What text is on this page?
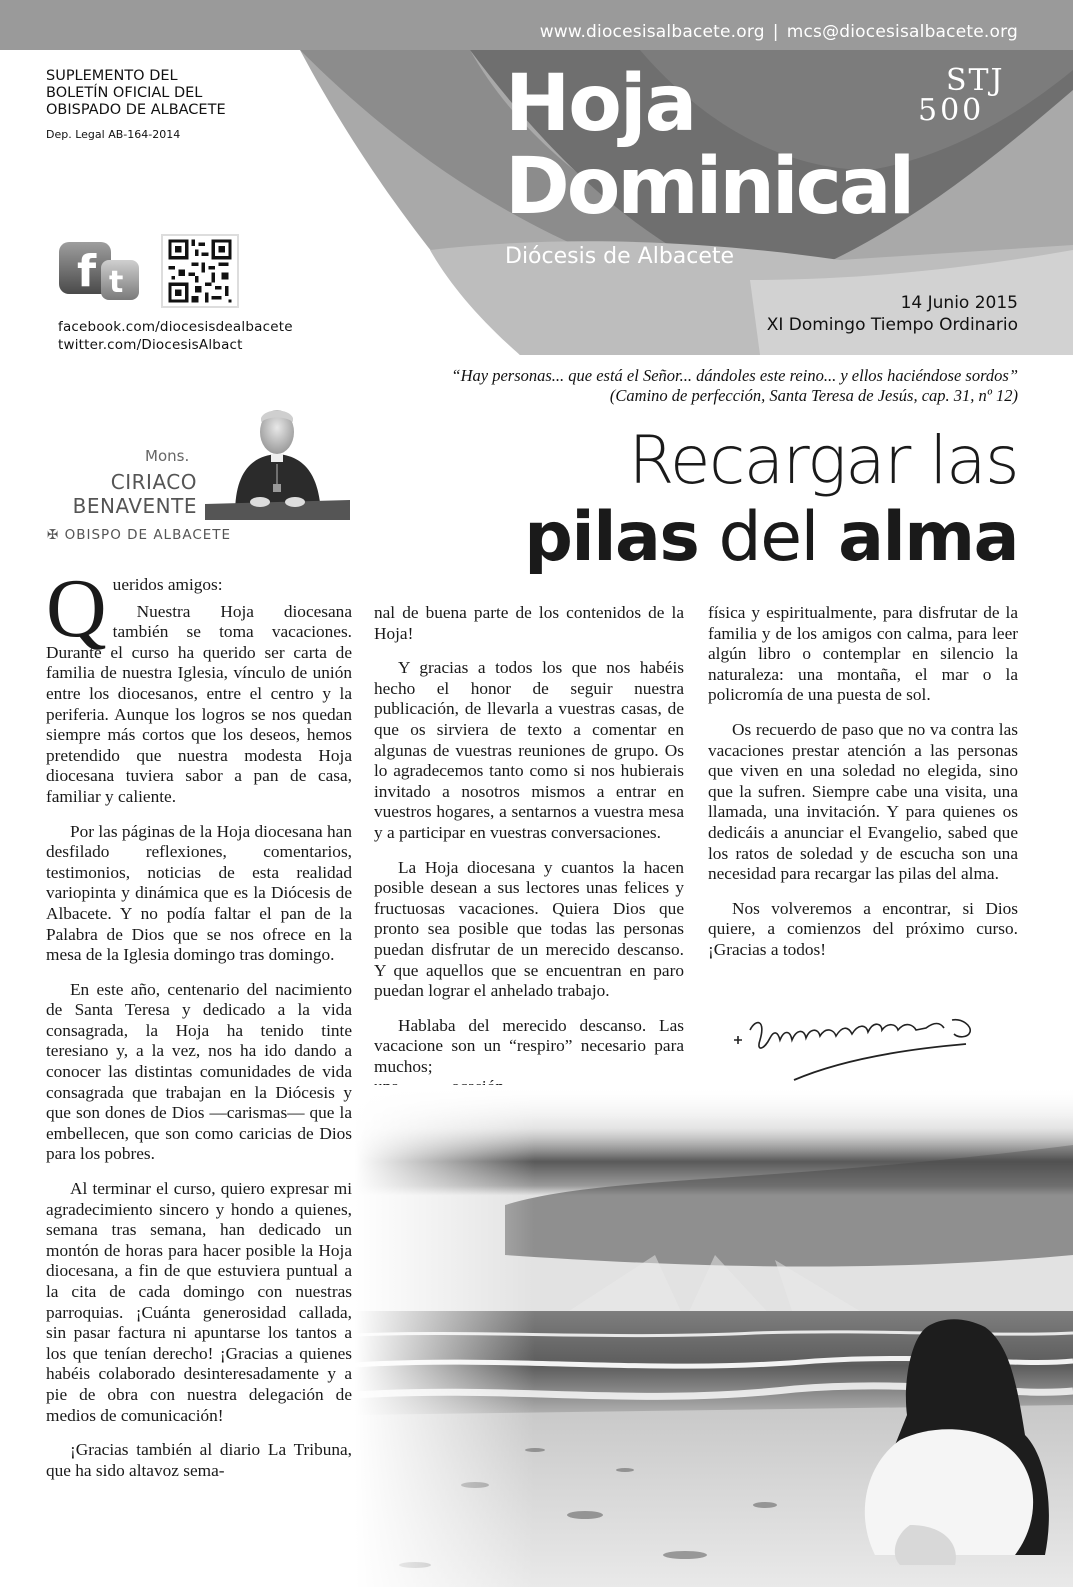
www.diocesisalbacete.org | mcs@diocesisalbacete.org
SUPLEMENTO DEL
BOLETÍN OFICIAL DEL
OBISPADO DE ALBACETE
Dep. Legal AB-164-2014
f t
facebook.com/diocesisdealbacete
twitter.com/DiocesisAlbact
Hoja
Dominical
Diócesis de Albacete
STJ
500
14 Junio 2015
XI Domingo Tiempo Ordinario
“Hay personas... que está el Señor... dándoles este reino... y ellos haciéndose sordos”
(Camino de perfección, Santa Teresa de Jesús, cap. 31, nº 12)
Mons.
CIRIACO
BENAVENTE
✠ OBISPO DE ALBACETE
Recargar las
pilas del alma

Queridos amigos:

Nuestra Hoja diocesana también se toma vacaciones. Durante el curso ha querido ser carta de familia de nuestra Iglesia, vínculo de unión entre los diocesanos, entre el centro y la periferia. Aunque los logros se nos quedan siempre más cortos que los deseos, hemos pretendido que nuestra modesta Hoja diocesana tuviera sabor a pan de casa, familiar y caliente.

Por las páginas de la Hoja diocesana han desfilado reflexiones, comentarios, testimonios, noticias de esta realidad variopinta y dinámica que es la Diócesis de Albacete. Y no podía faltar el pan de la Palabra de Dios que se nos ofrece en la mesa de la Iglesia domingo tras domingo.

En este año, centenario del nacimiento de Santa Teresa y dedicado a la vida consagrada, la Hoja ha tenido tinte teresiano y, a la vez, nos ha ido dando a conocer las distintas comunidades de vida consagrada que trabajan en la Diócesis y que son dones de Dios —carismas— que la embellecen, que son como caricias de Dios para los pobres.

Al terminar el curso, quiero expresar mi agradecimiento sincero y hondo a quienes, semana tras semana, han dedicado un montón de horas para hacer posible la Hoja diocesana, a fin de que estuviera puntual a la cita de cada domingo con nuestras parroquias. ¡Cuánta generosidad callada, sin pasar factura ni apuntarse los tantos a los que tenían derecho! ¡Gracias a quienes habéis colaborado desinteresadamente y a pie de obra con nuestra delegación de medios de comunicación!

¡Gracias también al diario La Tribuna, que ha sido altavoz sema-

nal de buena parte de los contenidos de la Hoja!

Y gracias a todos los que nos habéis hecho el honor de seguir nuestra publicación, de llevarla a vuestras casas, de que os sirviera de texto a comentar en algunas de vuestras reuniones de grupo. Os lo agradecemos tanto como si nos hubierais invitado a nosotros mismos a entrar en vuestros hogares, a sentarnos a vuestra mesa y a participar en vuestras conversaciones.

La Hoja diocesana y cuantos la hacen posible desean a sus lectores unas felices y fructuosas vacaciones. Quiera Dios que pronto sea posible que todas las personas puedan disfrutar de un merecido descanso. Y que aquellos que se encuentran en paro puedan lograr el anhelado trabajo.

Hablaba del merecido descanso. Las vacacione son un “respiro” necesario para muchos;

física y espiritualmente, para disfrutar de la familia y de los amigos con calma, para leer algún libro o contemplar en silencio la naturaleza: una montaña, el mar o la policromía de una puesta de sol.

Os recuerdo de paso que no va contra las vacaciones prestar atención a las personas que viven en una soledad no elegida, sino que la sufren. Siempre cabe una visita, una llamada, una invitación. Y para quienes os dedicáis a anunciar el Evangelio, sabed que los ratos de soledad y de escucha son una necesidad para recargar las pilas del alma.

Nos volveremos a encontrar, si Dios quiere, a comienzos del próximo curso. ¡Gracias a todos!
